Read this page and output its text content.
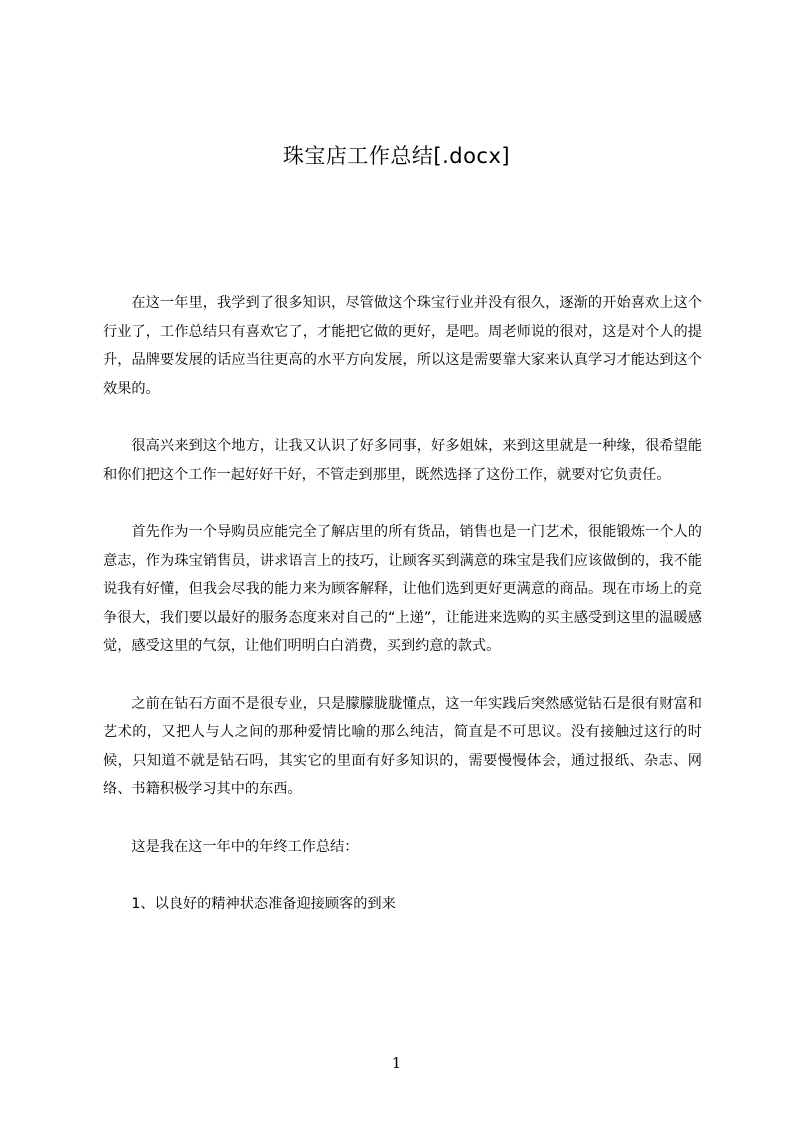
珠宝店工作总结[.docx]

在这一年里，我学到了很多知识，尽管做这个珠宝行业并没有很久，逐渐的开始喜欢上这个行业了，工作总结只有喜欢它了，才能把它做的更好，是吧。周老师说的很对，这是对个人的提升，品牌要发展的话应当往更高的水平方向发展，所以这是需要靠大家来认真学习才能达到这个效果的。

很高兴来到这个地方，让我又认识了好多同事，好多姐妹，来到这里就是一种缘，很希望能和你们把这个工作一起好好干好，不管走到那里，既然选择了这份工作，就要对它负责任。

首先作为一个导购员应能完全了解店里的所有货品，销售也是一门艺术，很能锻炼一个人的意志，作为珠宝销售员，讲求语言上的技巧，让顾客买到满意的珠宝是我们应该做倒的，我不能说我有好懂，但我会尽我的能力来为顾客解释，让他们选到更好更满意的商品。现在市场上的竞争很大，我们要以最好的服务态度来对自己的“上递”，让能进来选购的买主感受到这里的温暖感觉，感受这里的气氛，让他们明明白白消费，买到约意的款式。

之前在钻石方面不是很专业，只是朦朦胧胧懂点，这一年实践后突然感觉钻石是很有财富和艺术的，又把人与人之间的那种爱情比喻的那么纯洁，简直是不可思议。没有接触过这行的时候，只知道不就是钻石吗，其实它的里面有好多知识的，需要慢慢体会，通过报纸、杂志、网络、书籍积极学习其中的东西。

这是我在这一年中的年终工作总结：

1、以良好的精神状态准备迎接顾客的到来

1
